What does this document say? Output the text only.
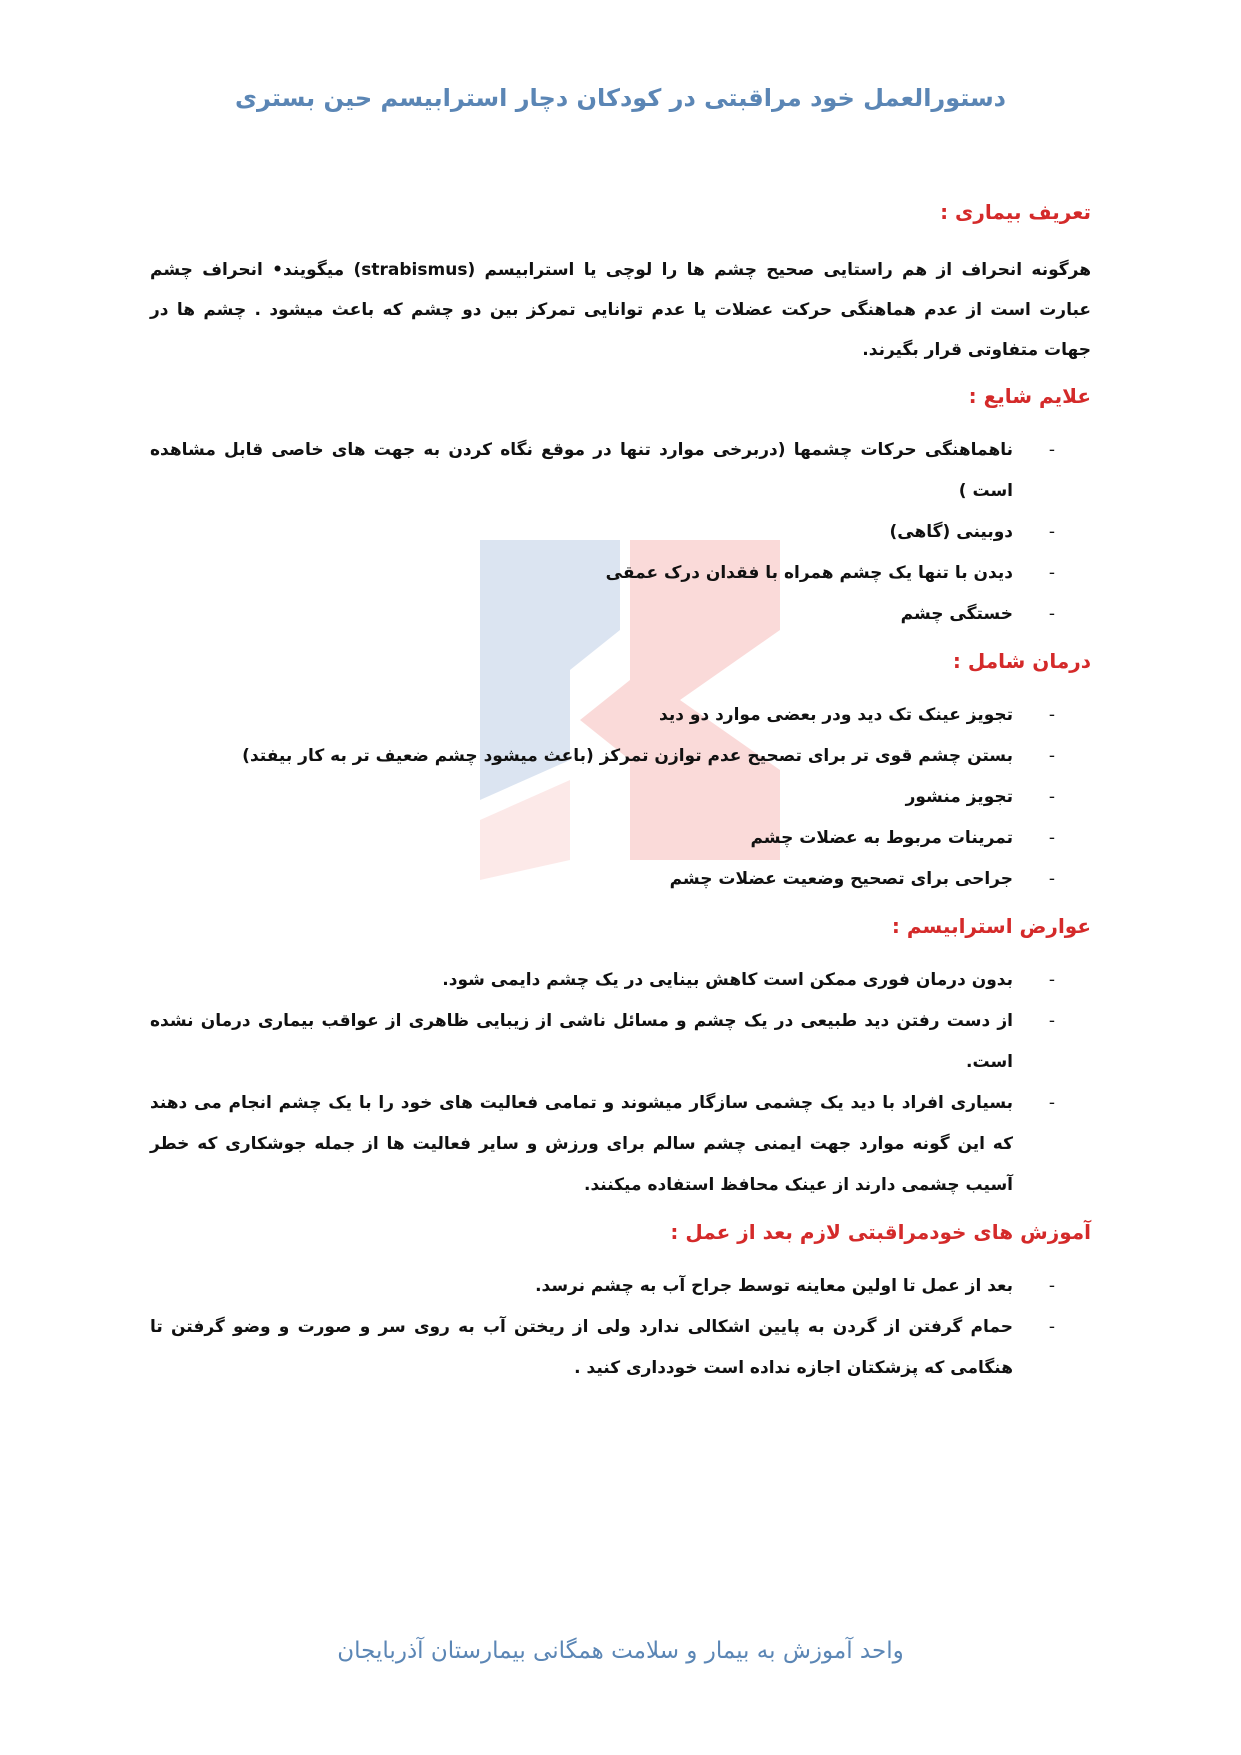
دستورالعمل خود مراقبتی در کودکان دچار استرابیسم حین بستری
تعریف بیماری :

هرگونه انحراف از هم راستایی صحیح چشم ها را لوچی یا استرابیسم (strabismus) میگویند• انحراف چشم عبارت است از عدم هماهنگی حرکت عضلات یا عدم توانایی تمرکز بین دو چشم که باعث میشود . چشم ها در جهات متفاوتی قرار بگیرند.

علایم شایع :
- ناهماهنگی حرکات چشمها (دربرخی موارد تنها در موقع نگاه کردن به جهت های خاصی قابل مشاهده است )
- دوبینی (گاهی)
- دیدن با تنها یک چشم همراه با فقدان درک عمقی
- خستگی چشم
درمان شامل :
- تجویز عینک تک دید ودر بعضی موارد دو دید
- بستن چشم قوی تر برای تصحیح عدم توازن تمرکز (باعث میشود چشم ضعیف تر به کار بیفتد)
- تجویز منشور
- تمرینات مربوط به عضلات چشم
- جراحی برای تصحیح وضعیت عضلات چشم
عوارض استرابیسم :
- بدون درمان فوری ممکن است کاهش بینایی در یک چشم دایمی شود.
- از دست رفتن دید طبیعی در یک چشم و مسائل ناشی از زیبایی ظاهری از عواقب بیماری درمان نشده است.
- بسیاری افراد با دید یک چشمی سازگار میشوند و تمامی فعالیت های خود را با یک چشم انجام می دهند که این گونه موارد جهت ایمنی چشم سالم برای ورزش و سایر فعالیت ها از جمله جوشکاری که خطر آسیب چشمی دارند از عینک محافظ استفاده میکنند.
آموزش های خودمراقبتی لازم بعد از عمل :
- بعد از عمل تا اولین معاینه توسط جراح آب به چشم نرسد.
- حمام گرفتن از گردن به پایین اشکالی ندارد ولی از ریختن آب به روی سر و صورت و وضو گرفتن تا هنگامی که پزشکتان اجازه نداده است خودداری کنید .
واحد آموزش به بیمار و سلامت همگانی بیمارستان آذربایجان
